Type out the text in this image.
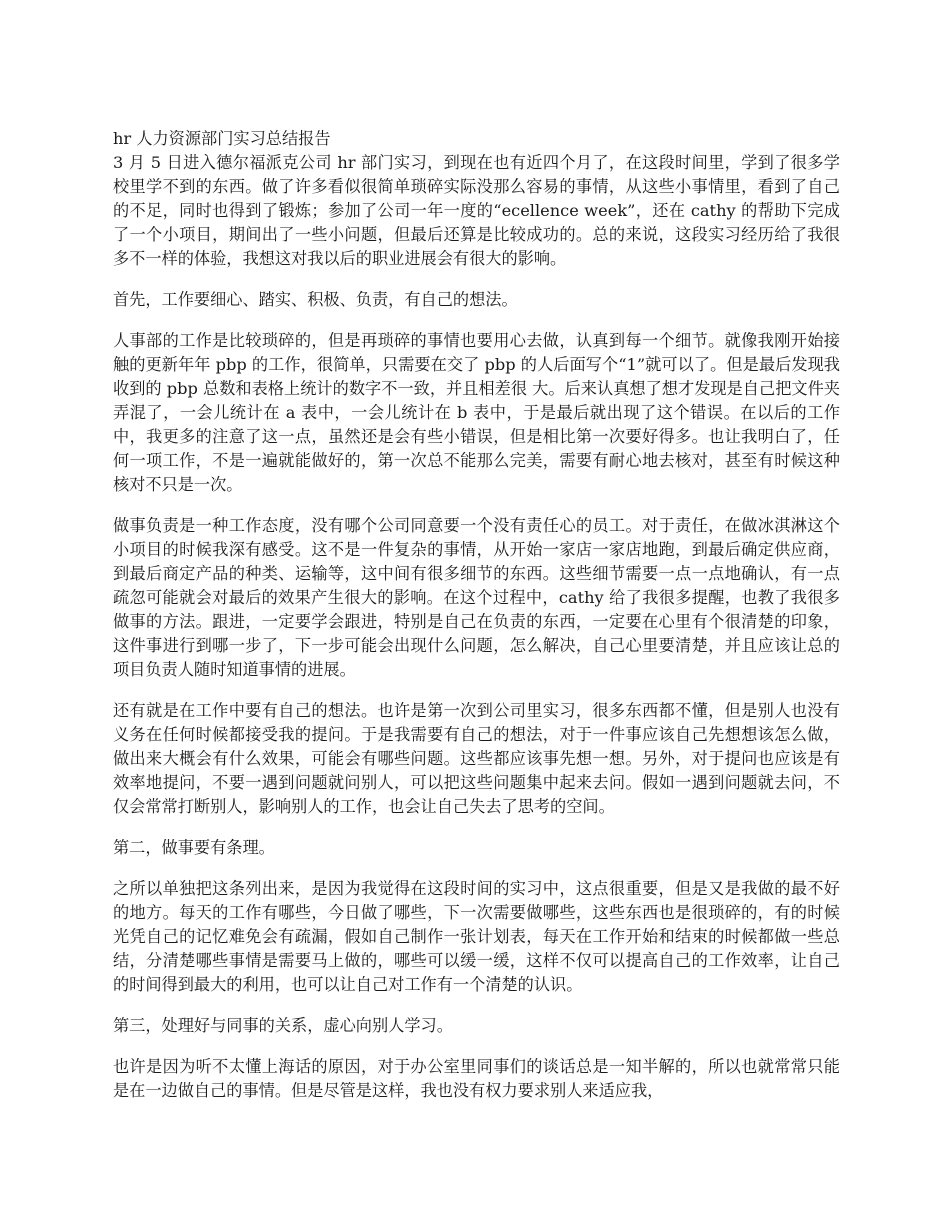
hr 人力资源部门实习总结报告

3 月 5 日进入德尔福派克公司 hr 部门实习，到现在也有近四个月了，在这段时间里，学到了很多学校里学不到的东西。做了许多看似很简单琐碎实际没那么容易的事情，从这些小事情里，看到了自己的不足，同时也得到了锻炼；参加了公司一年一度的“ecellence week”，还在 cathy 的帮助下完成了一个小项目，期间出了一些小问题，但最后还算是比较成功的。总的来说，这段实习经历给了我很多不一样的体验，我想这对我以后的职业进展会有很大的影响。

首先，工作要细心、踏实、积极、负责，有自己的想法。

人事部的工作是比较琐碎的，但是再琐碎的事情也要用心去做，认真到每一个细节。就像我刚开始接触的更新年年 pbp 的工作，很简单，只需要在交了 pbp 的人后面写个“1”就可以了。但是最后发现我收到的 pbp 总数和表格上统计的数字不一致，并且相差很 大。后来认真想了想才发现是自己把文件夹弄混了，一会儿统计在 a 表中，一会儿统计在 b 表中，于是最后就出现了这个错误。在以后的工作中，我更多的注意了这一点，虽然还是会有些小错误，但是相比第一次要好得多。也让我明白了，任何一项工作，不是一遍就能做好的，第一次总不能那么完美，需要有耐心地去核对，甚至有时候这种核对不只是一次。

做事负责是一种工作态度，没有哪个公司同意要一个没有责任心的员工。对于责任，在做冰淇淋这个小项目的时候我深有感受。这不是一件复杂的事情，从开始一家店一家店地跑，到最后确定供应商，到最后商定产品的种类、运输等，这中间有很多细节的东西。这些细节需要一点一点地确认，有一点疏忽可能就会对最后的效果产生很大的影响。在这个过程中，cathy 给了我很多提醒，也教了我很多做事的方法。跟进，一定要学会跟进，特别是自己在负责的东西，一定要在心里有个很清楚的印象，这件事进行到哪一步了，下一步可能会出现什么问题，怎么解决，自己心里要清楚，并且应该让总的项目负责人随时知道事情的进展。

还有就是在工作中要有自己的想法。也许是第一次到公司里实习，很多东西都不懂，但是别人也没有义务在任何时候都接受我的提问。于是我需要有自己的想法，对于一件事应该自己先想想该怎么做，做出来大概会有什么效果，可能会有哪些问题。这些都应该事先想一想。另外，对于提问也应该是有效率地提问，不要一遇到问题就问别人，可以把这些问题集中起来去问。假如一遇到问题就去问，不仅会常常打断别人，影响别人的工作，也会让自己失去了思考的空间。

第二，做事要有条理。

之所以单独把这条列出来，是因为我觉得在这段时间的实习中，这点很重要，但是又是我做的最不好的地方。每天的工作有哪些，今日做了哪些，下一次需要做哪些，这些东西也是很琐碎的，有的时候光凭自己的记忆难免会有疏漏，假如自己制作一张计划表，每天在工作开始和结束的时候都做一些总结，分清楚哪些事情是需要马上做的，哪些可以缓一缓，这样不仅可以提高自己的工作效率，让自己的时间得到最大的利用，也可以让自己对工作有一个清楚的认识。

第三，处理好与同事的关系，虚心向别人学习。

也许是因为听不太懂上海话的原因，对于办公室里同事们的谈话总是一知半解的，所以也就常常只能是在一边做自己的事情。但是尽管是这样，我也没有权力要求别人来适应我，
